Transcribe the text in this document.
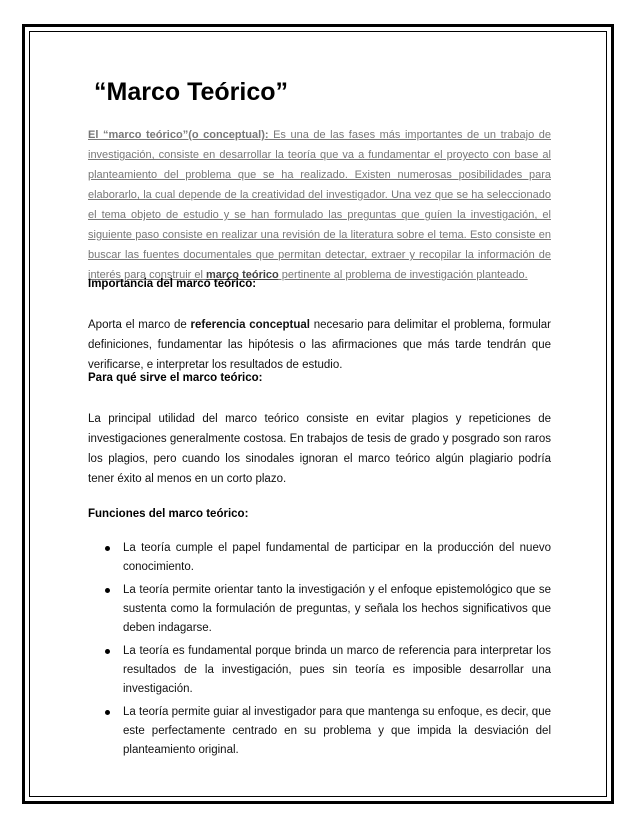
“Marco Teórico”

El “marco teórico”(o conceptual): Es una de las fases más importantes de un trabajo de investigación, consiste en desarrollar la teoría que va a fundamentar el proyecto con base al planteamiento del problema que se ha realizado. Existen numerosas posibilidades para elaborarlo, la cual depende de la creatividad del investigador. Una vez que se ha seleccionado el tema objeto de estudio y se han formulado las preguntas que guíen la investigación, el siguiente paso consiste en realizar una revisión de la literatura sobre el tema. Esto consiste en buscar las fuentes documentales que permitan detectar, extraer y recopilar la información de interés para construir el marco teórico pertinente al problema de investigación planteado.

Importancia del marco teórico:

Aporta el marco de referencia conceptual necesario para delimitar el problema, formular definiciones, fundamentar las hipótesis o las afirmaciones que más tarde tendrán que verificarse, e interpretar los resultados de estudio.

Para qué sirve el marco teórico:

La principal utilidad del marco teórico consiste en evitar plagios y repeticiones de investigaciones generalmente costosa. En trabajos de tesis de grado y posgrado son raros los plagios, pero cuando los sinodales ignoran el marco teórico algún plagiario podría tener éxito al menos en un corto plazo.

Funciones del marco teórico:
La teoría cumple el papel fundamental de participar en la producción del nuevo conocimiento.
La teoría permite orientar tanto la investigación y el enfoque epistemológico que se sustenta como la formulación de preguntas, y señala los hechos significativos que deben indagarse.
La teoría es fundamental porque brinda un marco de referencia para interpretar los resultados de la investigación, pues sin teoría es imposible desarrollar una investigación.
La teoría permite guiar al investigador para que mantenga su enfoque, es decir, que este perfectamente centrado en su problema y que impida la desviación del planteamiento original.
